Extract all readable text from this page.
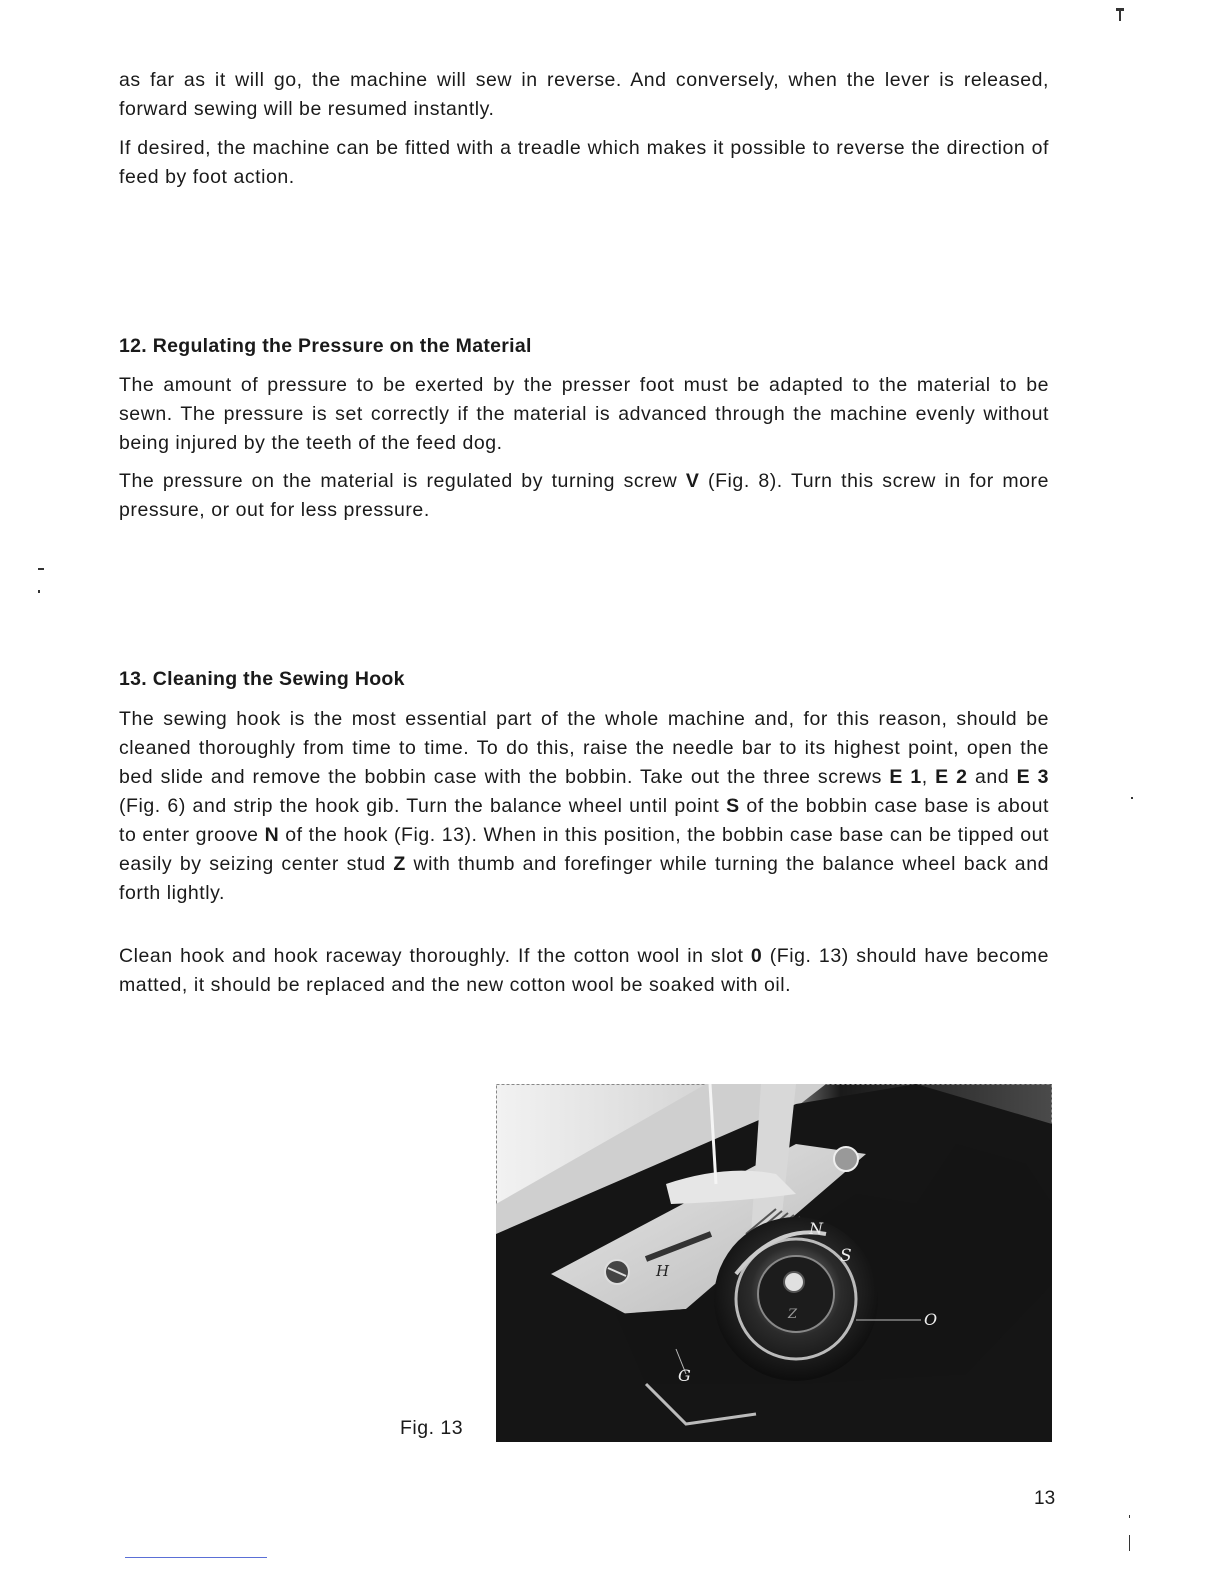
as far as it will go, the machine will sew in reverse. And conversely, when the lever is released, forward sewing will be resumed instantly.

If desired, the machine can be fitted with a treadle which makes it possible to reverse the direction of feed by foot action.

12. Regulating the Pressure on the Material

The amount of pressure to be exerted by the presser foot must be adapted to the material to be sewn. The pressure is set correctly if the material is advanced through the machine evenly without being injured by the teeth of the feed dog.

The pressure on the material is regulated by turning screw V (Fig. 8). Turn this screw in for more pressure, or out for less pressure.

13. Cleaning the Sewing Hook

The sewing hook is the most essential part of the whole machine and, for this reason, should be cleaned thoroughly from time to time. To do this, raise the needle bar to its highest point, open the bed slide and remove the bobbin case with the bobbin. Take out the three screws E 1, E 2 and E 3 (Fig. 6) and strip the hook gib. Turn the balance wheel until point S of the bobbin case base is about to enter groove N of the hook (Fig. 13). When in this position, the bobbin case base can be tipped out easily by seizing center stud Z with thumb and forefinger while turning the balance wheel back and forth lightly.

Clean hook and hook raceway thoroughly. If the cotton wool in slot 0 (Fig. 13) should have become matted, it should be replaced and the new cotton wool be soaked with oil.

N
S
H
Z	O
G
Fig. 13
13
